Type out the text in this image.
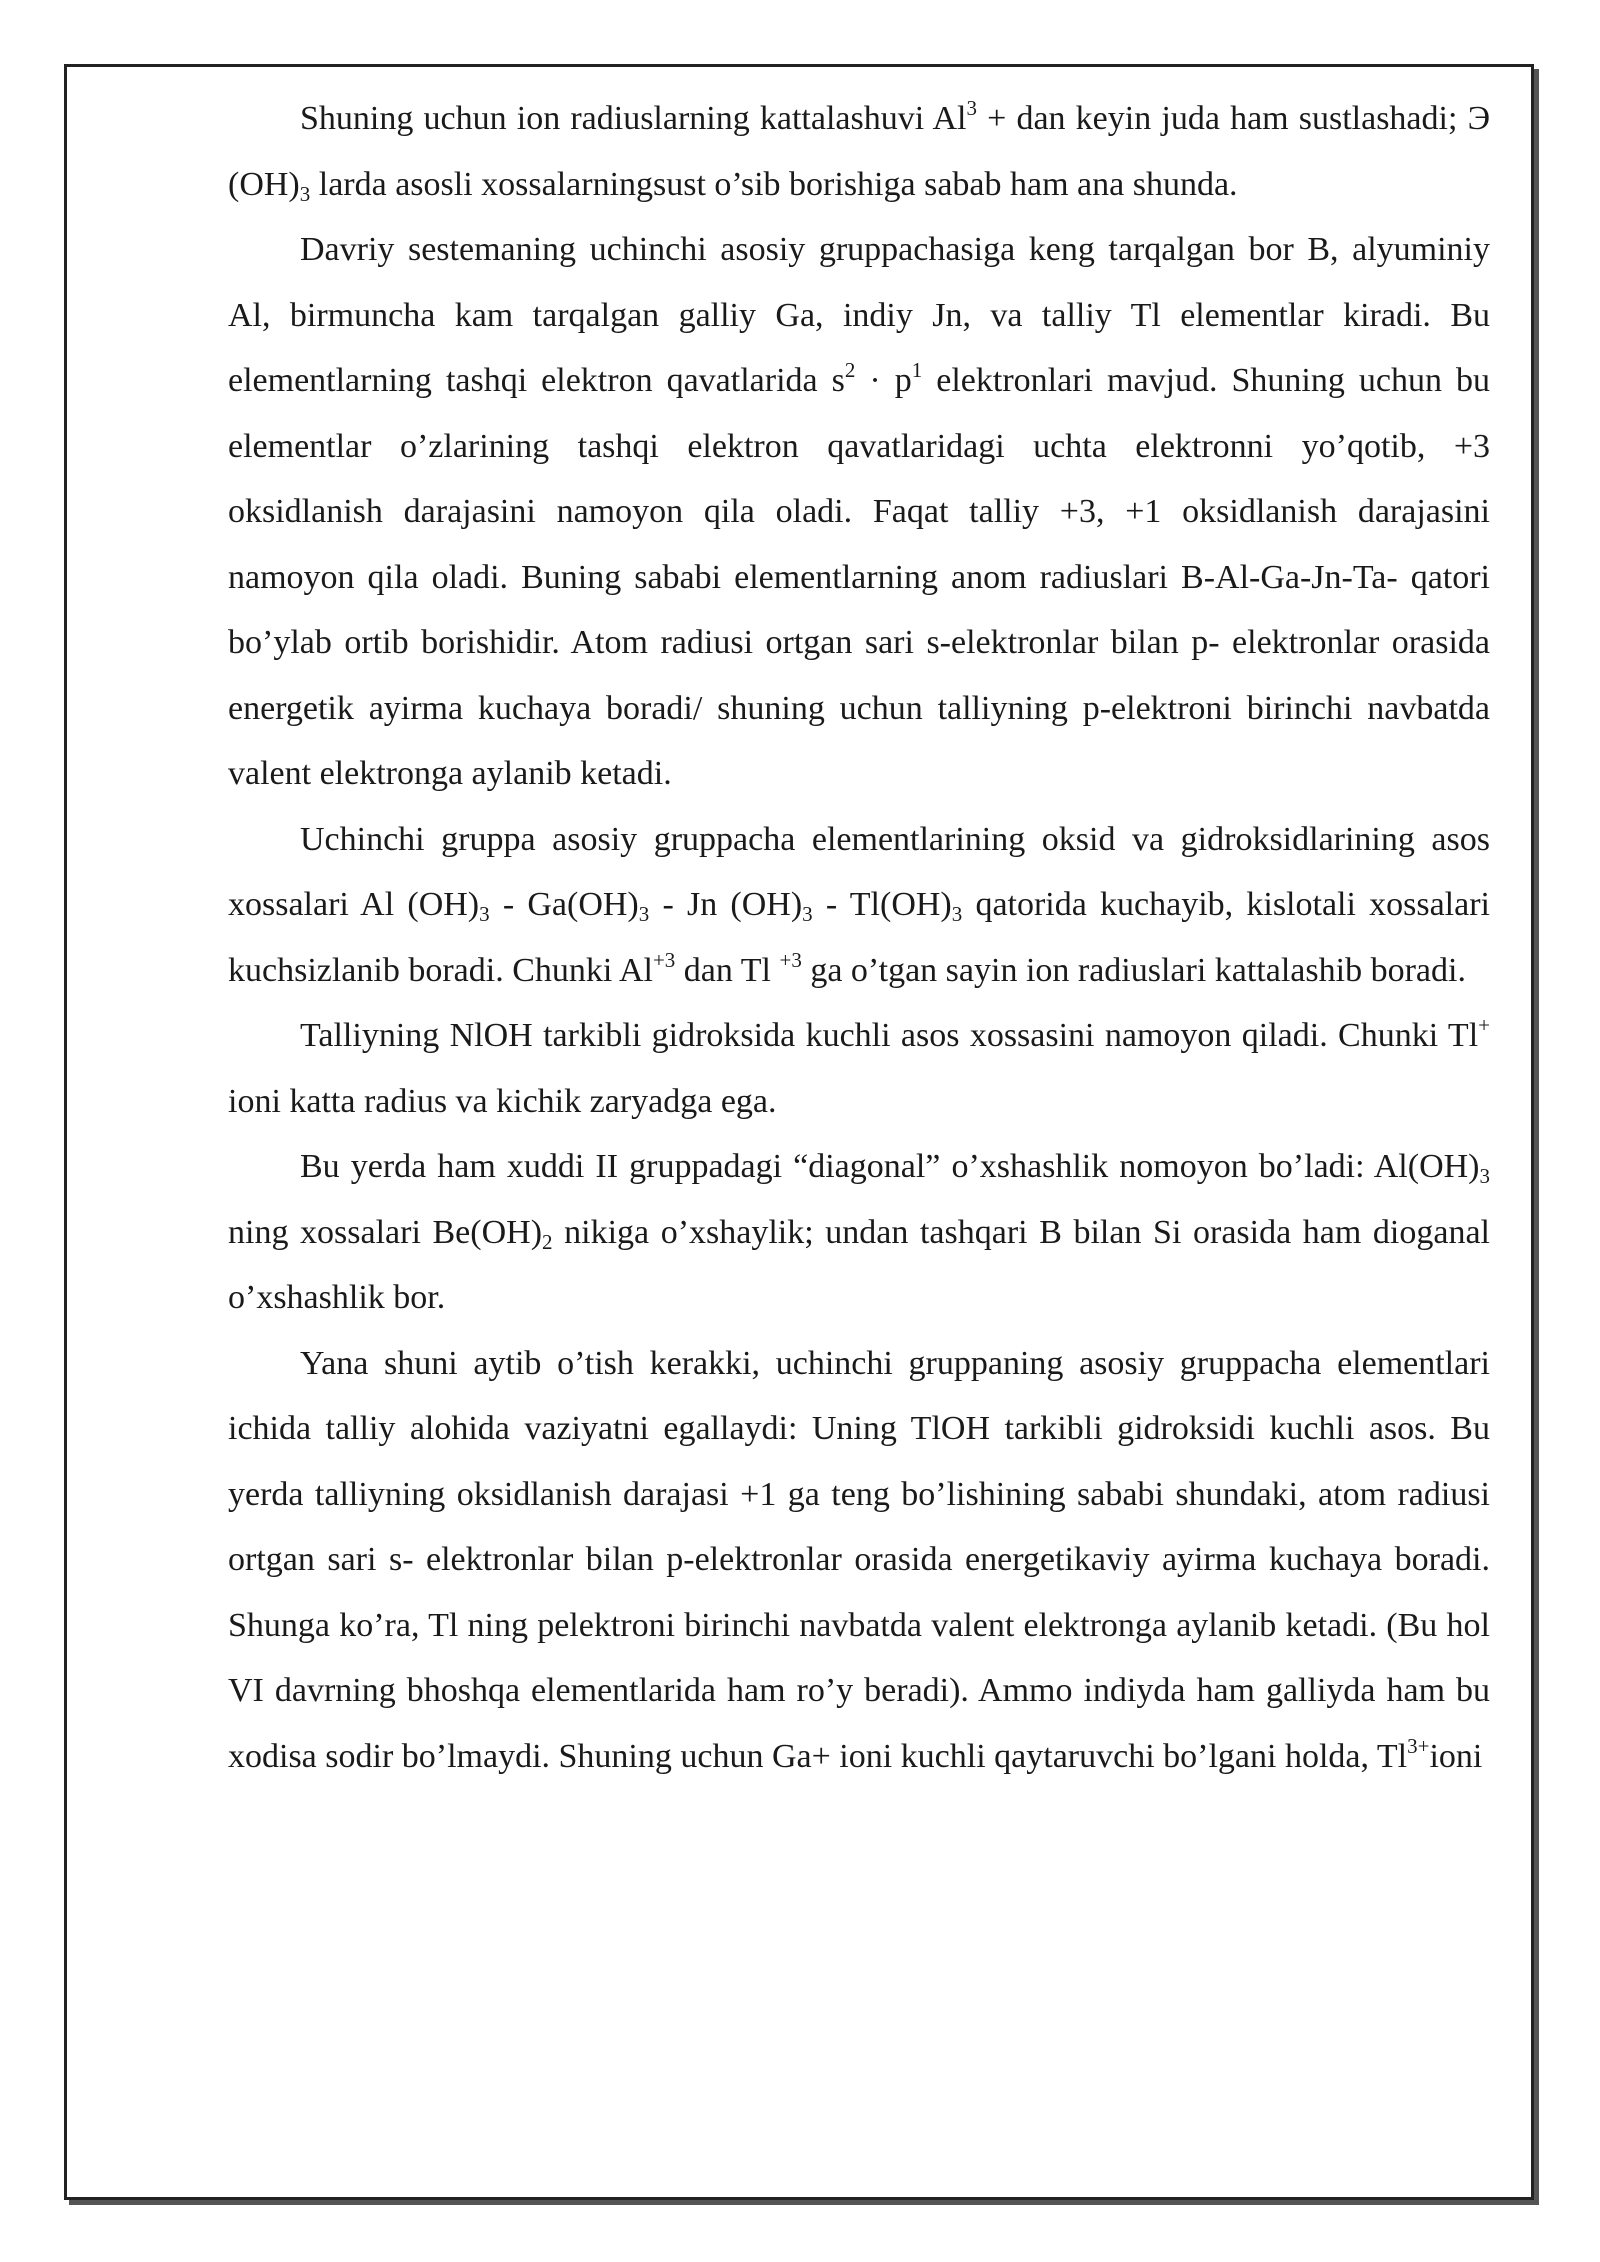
Shuning uchun ion radiuslarning kattalashuvi $Al^3$ + dan keyin juda ham sustlashadi; Э $(OH)_3$ larda asosli xossalarningsust o’sib borishiga sabab ham ana shunda.

Davriy sestemaning uchinchi asosiy gruppachasiga keng tarqalgan bor B, alyuminiy Al, birmuncha kam tarqalgan galliy Ga, indiy Jn, va talliy Tl elementlar kiradi. Bu elementlarning tashqi elektron qavatlarida $s^2 \cdot p^1$ elektronlari mavjud. Shuning uchun bu elementlar o’zlarining tashqi elektron qavatlaridagi uchta elektronni yo’qotib, +3 oksidlanish darajasini namoyon qila oladi. Faqat talliy +3, +1 oksidlanish darajasini namoyon qila oladi. Buning sababi elementlarning anom radiuslari B-Al-Ga-Jn-Ta- qatori bo’ylab ortib borishidir. Atom radiusi ortgan sari s-elektronlar bilan p- elektronlar orasida energetik ayirma kuchaya boradi/ shuning uchun talliyning p-elektroni birinchi navbatda valent elektronga aylanib ketadi.

Uchinchi gruppa asosiy gruppacha elementlarining oksid va gidroksidlarining asos xossalari Al $(OH)_3 - Ga(OH)_3$ - Jn $(OH)_3 - Tl(OH)_3$ qatorida kuchayib, kislotali xossalari kuchsizlanib boradi. Chunki $Al^{+3}$ dan Tl $^{+3}$ ga o’tgan sayin ion radiuslari kattalashib boradi.

Talliyning NlOH tarkibli gidroksida kuchli asos xossasini namoyon qiladi. Chunki Tl+ ioni katta radius va kichik zaryadga ega.

Bu yerda ham xuddi II gruppadagi “diagonal” o’xshashlik nomoyon bo’ladi: $Al(OH)_3$ ning xossalari $Be(OH)_2$ nikiga o’xshaylik; undan tashqari B bilan Si orasida ham dioganal o’xshashlik bor.

Yana shuni aytib o’tish kerakki, uchinchi gruppaning asosiy gruppacha elementlari ichida talliy alohida vaziyatni egallaydi: Uning TlOH tarkibli gidroksidi kuchli asos. Bu yerda talliyning oksidlanish darajasi +1 ga teng bo’lishining sababi shundaki, atom radiusi ortgan sari s- elektronlar bilan p-elektronlar orasida energetikaviy ayirma kuchaya boradi. Shunga ko’ra, Tl ning pelektroni birinchi navbatda valent elektronga aylanib ketadi. (Bu hol VI davrning bhoshqa elementlarida ham ro’y beradi). Ammo indiyda ham galliyda ham bu xodisa sodir bo’lmaydi. Shuning uchun Ga+ ioni kuchli qaytaruvchi bo’lgani holda, $Tl^{3+}ioni$
